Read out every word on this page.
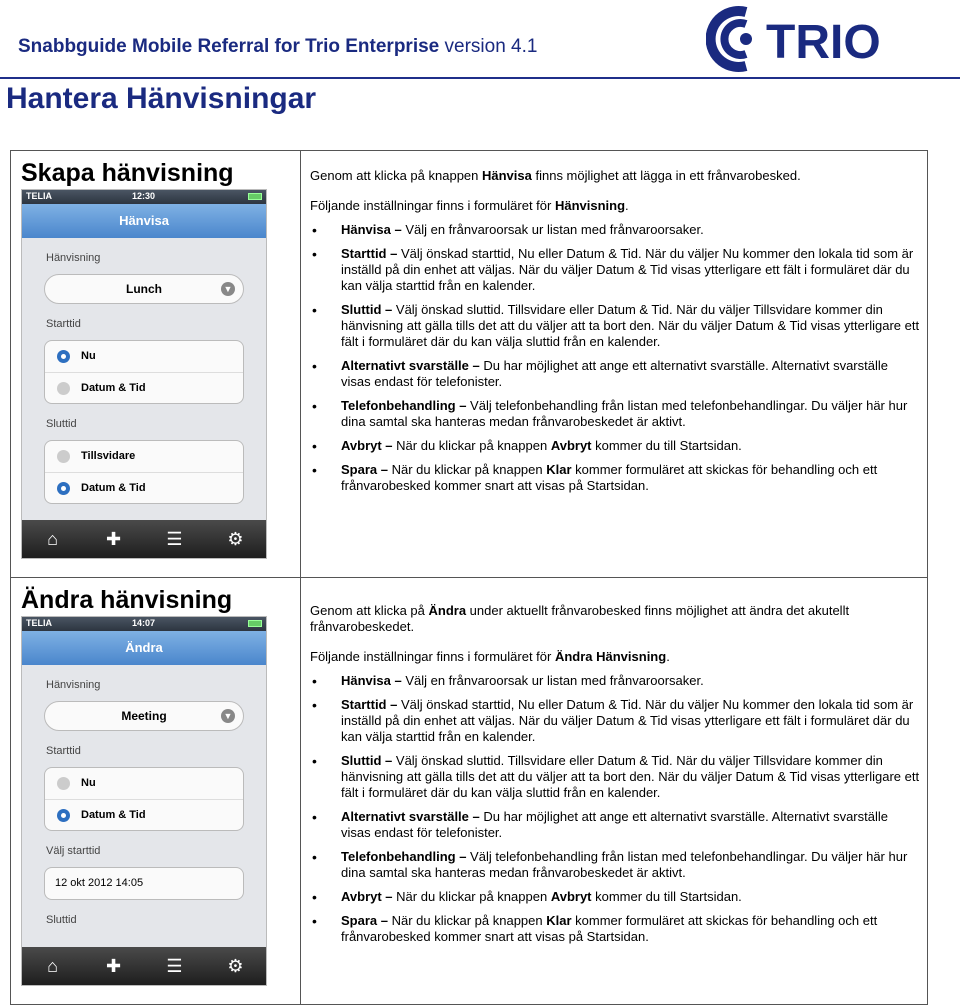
Snabbguide Mobile Referral for Trio Enterprise version 4.1	TRIO
Hantera Hänvisningar
Skapa hänvisning
TELIA	12:30
Hänvisa
Hänvisning
Lunch	▼
Starttid
Nu
Datum & Tid
Sluttid
Tillsvidare
Datum & Tid
⌂	✚	☰	⚙

Genom att klicka på knappen Hänvisa finns möjlighet att lägga in ett frånvarobesked.

Följande inställningar finns i formuläret för Hänvisning.

• Hänvisa – Välj en frånvaroorsak ur listan med frånvaroorsaker.
• Starttid – Välj önskad starttid, Nu eller Datum & Tid. När du väljer Nu kommer den lokala tid som är inställd på din enhet att väljas. När du väljer Datum & Tid visas ytterligare ett fält i formuläret där du kan välja starttid från en kalender.
• Sluttid – Välj önskad sluttid. Tillsvidare eller Datum & Tid. När du väljer Tillsvidare kommer din hänvisning att gälla tills det att du väljer att ta bort den. När du väljer Datum & Tid visas ytterligare ett fält i formuläret där du kan välja sluttid från en kalender.
• Alternativt svarställe – Du har möjlighet att ange ett alternativt svarställe. Alternativt svarställe visas endast för telefonister.
• Telefonbehandling – Välj telefonbehandling från listan med telefonbehandlingar. Du väljer här hur dina samtal ska hanteras medan frånvarobeskedet är aktivt.
• Avbryt – När du klickar på knappen Avbryt kommer du till Startsidan.
• Spara – När du klickar på knappen Klar kommer formuläret att skickas för behandling och ett frånvarobesked kommer snart att visas på Startsidan.
Ändra hänvisning
TELIA	14:07
Ändra
Hänvisning
Meeting	▼
Starttid
Nu
Datum & Tid
Välj starttid
12 okt 2012 14:05
Sluttid
⌂	✚	☰	⚙

Genom att klicka på Ändra under aktuellt frånvarobesked finns möjlighet att ändra det akutellt frånvarobeskedet.

Följande inställningar finns i formuläret för Ändra Hänvisning.

• Hänvisa – Välj en frånvaroorsak ur listan med frånvaroorsaker.
• Starttid – Välj önskad starttid, Nu eller Datum & Tid. När du väljer Nu kommer den lokala tid som är inställd på din enhet att väljas. När du väljer Datum & Tid visas ytterligare ett fält i formuläret där du kan välja starttid från en kalender.
• Sluttid – Välj önskad sluttid. Tillsvidare eller Datum & Tid. När du väljer Tillsvidare kommer din hänvisning att gälla tills det att du väljer att ta bort den. När du väljer Datum & Tid visas ytterligare ett fält i formuläret där du kan välja sluttid från en kalender.
• Alternativt svarställe – Du har möjlighet att ange ett alternativt svarställe. Alternativt svarställe visas endast för telefonister.
• Telefonbehandling – Välj telefonbehandling från listan med telefonbehandlingar. Du väljer här hur dina samtal ska hanteras medan frånvarobeskedet är aktivt.
• Avbryt – När du klickar på knappen Avbryt kommer du till Startsidan.
• Spara – När du klickar på knappen Klar kommer formuläret att skickas för behandling och ett frånvarobesked kommer snart att visas på Startsidan.
